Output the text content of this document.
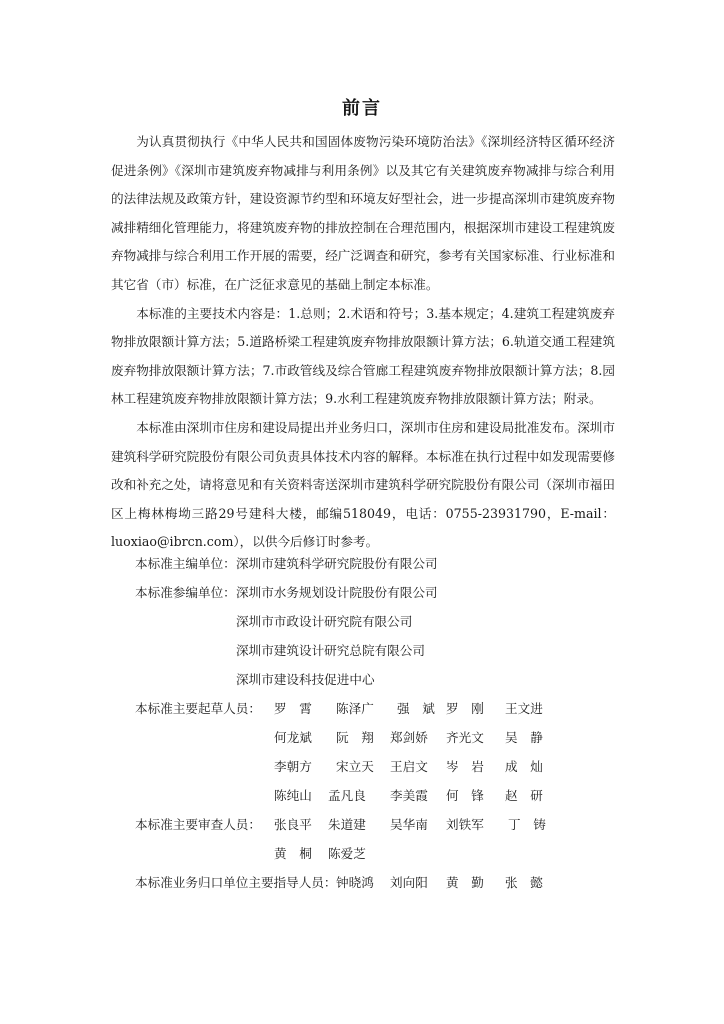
前言

为认真贯彻执行《中华人民共和国固体废物污染环境防治法》《深圳经济特区循环经济促进条例》《深圳市建筑废弃物减排与利用条例》以及其它有关建筑废弃物减排与综合利用的法律法规及政策方针，建设资源节约型和环境友好型社会，进一步提高深圳市建筑废弃物减排精细化管理能力，将建筑废弃物的排放控制在合理范围内，根据深圳市建设工程建筑废弃物减排与综合利用工作开展的需要，经广泛调查和研究，参考有关国家标准、行业标准和其它省（市）标准，在广泛征求意见的基础上制定本标准。

本标准的主要技术内容是：1.总则；2.术语和符号；3.基本规定；4.建筑工程建筑废弃物排放限额计算方法；5.道路桥梁工程建筑废弃物排放限额计算方法；6.轨道交通工程建筑废弃物排放限额计算方法；7.市政管线及综合管廊工程建筑废弃物排放限额计算方法；8.园林工程建筑废弃物排放限额计算方法；9.水利工程建筑废弃物排放限额计算方法；附录。

本标准由深圳市住房和建设局提出并业务归口，深圳市住房和建设局批准发布。深圳市建筑科学研究院股份有限公司负责具体技术内容的解释。本标准在执行过程中如发现需要修改和补充之处，请将意见和有关资料寄送深圳市建筑科学研究院股份有限公司（深圳市福田区上梅林梅坳三路29号建科大楼，邮编518049，电话：0755-23931790，E-mail：luoxiao@ibrcn.com），以供今后修订时参考。

本标准主编单位： 深圳市建筑科学研究院股份有限公司
本标准参编单位： 深圳市水务规划设计院股份有限公司
深圳市市政设计研究院有限公司
深圳市建筑设计研究总院有限公司
深圳市建设科技促进中心
本标准主要起草人员： 罗　霄 陈泽广 强　斌 罗　刚 王文进
何龙斌 阮　翔 郑剑娇 齐光文 吴　静
李朝方 宋立天 王启文 岑　岩 成　灿
陈纯山 孟凡良 李美霞 何　锋 赵　研
本标准主要审查人员： 张良平 朱道建 吴华南 刘铁军 丁　铸
黄　桐 陈爱芝
本标准业务归口单位主要指导人员： 钟晓鸿 刘向阳 黄　勤 张　懿
